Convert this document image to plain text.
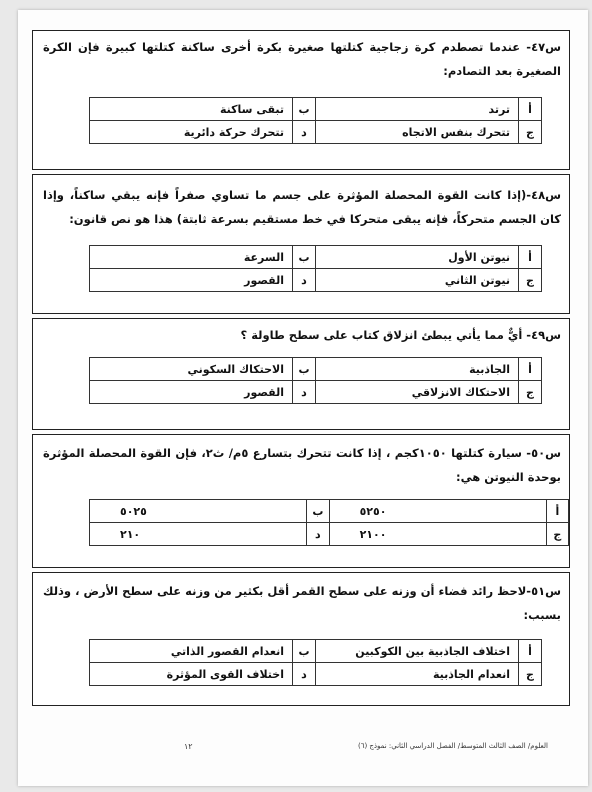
س٤٧- عندما تصطدم كرة زجاجية كتلتها صغيرة بكرة أخرى ساكنة كتلتها كبيرة فإن الكرة الصغيرة بعد التصادم:
أ	ترتد	ب	تبقى ساكنة
ج	تتحرك بنفس الاتجاه	د	تتحرك حركة دائرية
س٤٨-(إذا كانت القوة المحصلة المؤثرة على جسم ما تساوي صفراً فإنه يبقي ساكناً، وإذا كان الجسم متحركاً، فإنه يبقى متحركا في خط مستقيم بسرعة ثابتة) هذا هو نص قانون:
أ	نيوتن الأول	ب	السرعة
ج	نيوتن الثاني	د	القصور
س٤٩- أيٌّ مما يأتي يبطئ انزلاق كتاب على سطح طاولة ؟
أ	الجاذبية	ب	الاحتكاك السكوني
ج	الاحتكاك الانزلاقي	د	القصور
س٥٠- سيارة كتلتها ١٠٥٠كجم ، إذا كانت تتحرك بتسارع ٥م/ ث٢، فإن القوة المحصلة المؤثرة بوحدة النيوتن هي:
أ	٥٢٥٠	ب	٥٠٢٥
ج	٢١٠٠	د	٢١٠
س٥١-لاحظ رائد فضاء أن وزنه على سطح القمر أقل بكثير من وزنه على سطح الأرض ، وذلك بسبب:
أ	اختلاف الجاذبية بين الكوكبين	ب	انعدام القصور الذاتي
ج	انعدام الجاذبية	د	اختلاف القوى المؤثرة
العلوم/ الصف الثالث المتوسط/ الفصل الدراسي الثاني: نموذج (٦)
١٢
